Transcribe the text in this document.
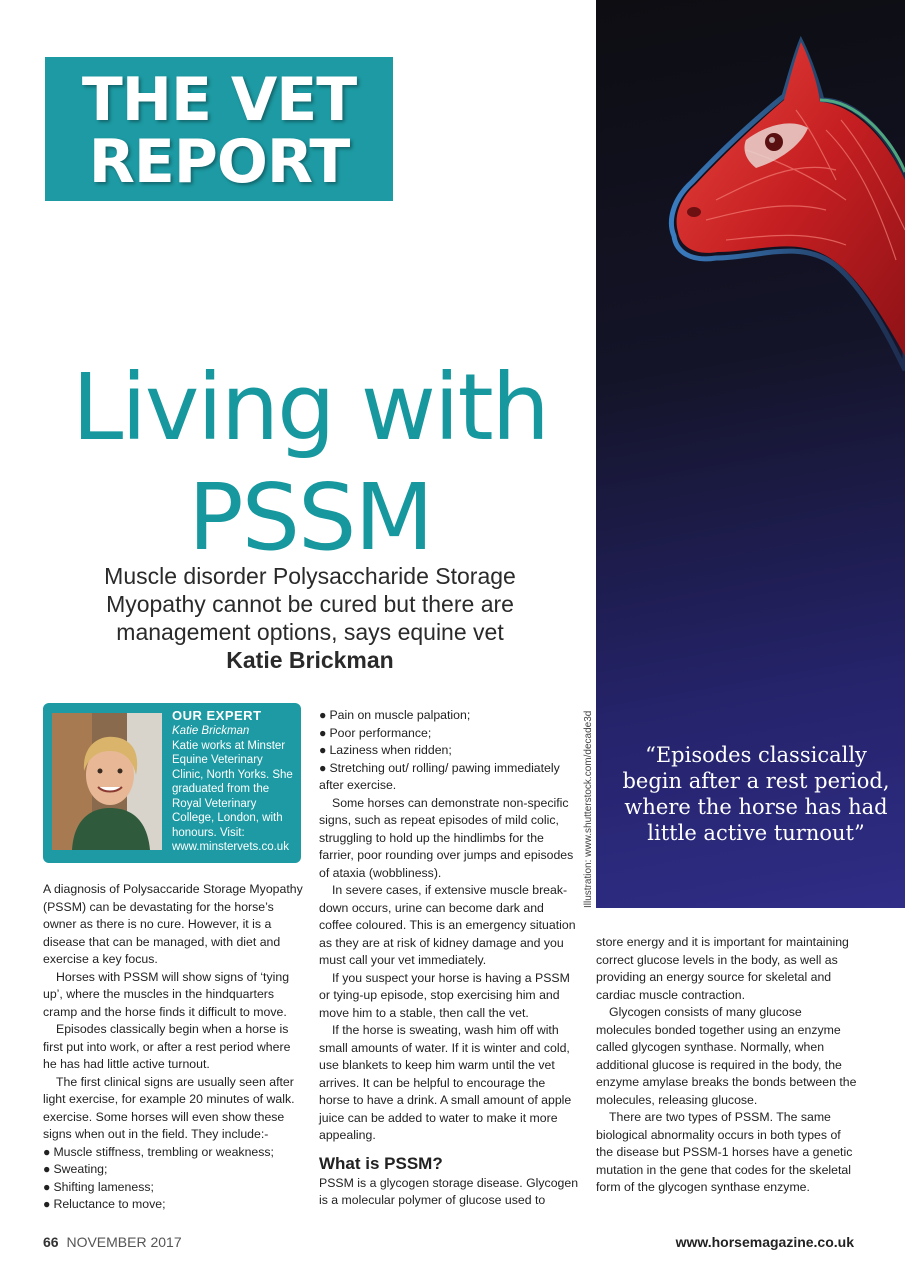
THE VET
REPORT
Living with
PSSM
Muscle disorder Polysaccharide Storage Myopathy cannot be cured but there are management options, says equine vet
Katie Brickman
“Episodes classically begin after a rest period, where the horse has had little active turnout”
Illustration: www.shutterstock.com/decade3d
OUR EXPERT
Katie Brickman
Katie works at Minster Equine Veterinary Clinic, North Yorks. She graduated from the Royal Veterinary College, London, with honours. Visit: www.minstervets.co.uk

A diagnosis of Polysaccaride Storage Myopathy (PSSM) can be devastating for the horse’s owner as there is no cure. However, it is a disease that can be managed, with diet and exercise a key focus.

Horses with PSSM will show signs of ‘tying up’, where the muscles in the hindquarters cramp and the horse finds it difficult to move.

Episodes classically begin when a horse is first put into work, or after a rest period where he has had little active turnout.

The first clinical signs are usually seen after light exercise, for example 20 minutes of walk. exercise. Some horses will even show these signs when out in the field. They include:-

● Muscle stiffness, trembling or weakness;

● Sweating;

● Shifting lameness;

● Reluctance to move;

● Pain on muscle palpation;

● Poor performance;

● Laziness when ridden;

● Stretching out/ rolling/ pawing immediately after exercise.

Some horses can demonstrate non-specific signs, such as repeat episodes of mild colic, struggling to hold up the hindlimbs for the farrier, poor rounding over jumps and episodes of ataxia (wobbliness).

In severe cases, if extensive muscle break-down occurs, urine can become dark and coffee coloured. This is an emergency situation as they are at risk of kidney damage and you must call your vet immediately.

If you suspect your horse is having a PSSM or tying-up episode, stop exercising him and move him to a stable, then call the vet.

If the horse is sweating, wash him off with small amounts of water. If it is winter and cold, use blankets to keep him warm until the vet arrives. It can be helpful to encourage the horse to have a drink. A small amount of apple juice can be added to water to make it more appealing.

What is PSSM?

PSSM is a glycogen storage disease. Glycogen is a molecular polymer of glucose used to

store energy and it is important for maintaining correct glucose levels in the body, as well as providing an energy source for skeletal and cardiac muscle contraction.

Glycogen consists of many glucose molecules bonded together using an enzyme called glycogen synthase. Normally, when additional glucose is required in the body, the enzyme amylase breaks the bonds between the molecules, releasing glucose.

There are two types of PSSM. The same biological abnormality occurs in both types of the disease but PSSM-1 horses have a genetic mutation in the gene that codes for the skeletal form of the glycogen synthase enzyme.

66 NOVEMBER 2017	www.horsemagazine.co.uk
